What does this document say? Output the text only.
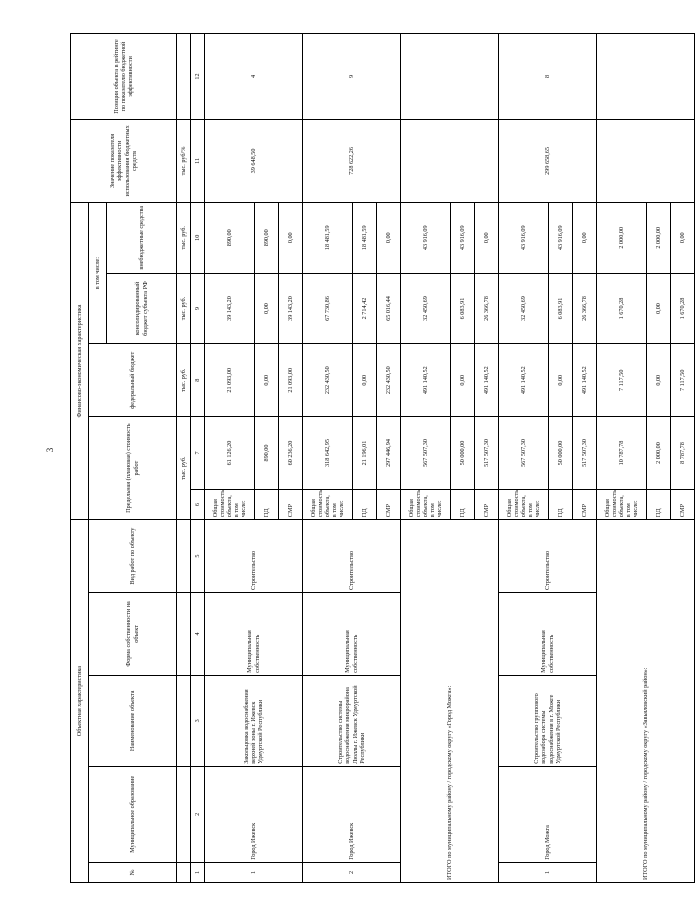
3
Объектная характеристика					Финансово-экономическая характеристика					Значение показателя эффективности использования бюджетных средств	Позиция объекта в рейтинге по показателю бюджетной эффективности
№	Муниципальное образование	Наименование объекта	Форма собственности на объект	Вид работ по объекту	Предельная (плановая) стоимость работ		федеральный бюджет	в том числе:			
								консолидированный бюджет субъекта РФ	внебюджетные средства		
					тыс. руб.		тыс. руб.	тыс. руб.	тыс. руб.	тыс. руб/%	
1	2	3	4	5	6	7	8	9	10	11	12
1	Город Ижевск	Закольцовка водоснабжения верхней зоны г. Ижевск Удмуртской Республики	Муниципальная собственность	Строительство	Общая стоимость объекта, в том числе:	61 126,20	21 093,00	39 143,20	890,00	39 648,50	4
					ПД	890,00	0,00	0,00	890,00		
					СМР	60 236,20	21 093,00	39 143,20	0,00		
2	Город Ижевск	Строительство системы водоснабжения микрорайона Люллы г. Ижевск Удмуртской Республики	Муниципальная собственность	Строительство	Общая стоимость объекта, в том числе:	318 642,95	232 430,50	67 730,86	18 481,59	728 622,26	9
					ПД	21 196,01	0,00	2 714,42	18 481,59		
					СМР	297 446,94	232 430,50	65 016,44	0,00		
ИТОГО по муниципальному району / городскому округу «Город Можга»:					Общая стоимость объекта, в том числе:	567 507,30	491 140,52	32 450,69	43 916,09		
					ПД	50 000,00	0,00	6 083,91	43 916,09		
					СМР	517 507,30	491 140,52	26 366,78	0,00		
1	Город Можга	Строительство группового водозабора системы водоснабжения в г. Можге Удмуртской Республики	Муниципальная собственность	Строительство	Общая стоимость объекта, в том числе:	567 507,30	491 140,52	32 450,69	43 916,09	299 658,65	8
					ПД	50 000,00	0,00	6 083,91	43 916,09		
					СМР	517 507,30	491 140,52	26 366,78	0,00		
ИТОГО по муниципальному району / городскому округу «Завьяловский район»:					Общая стоимость объекта, в том числе:	10 787,78	7 117,50	1 670,28	2 000,00		
					ПД	2 000,00	0,00	0,00	2 000,00		
					СМР	8 787,78	7 117,50	1 670,28	0,00		
